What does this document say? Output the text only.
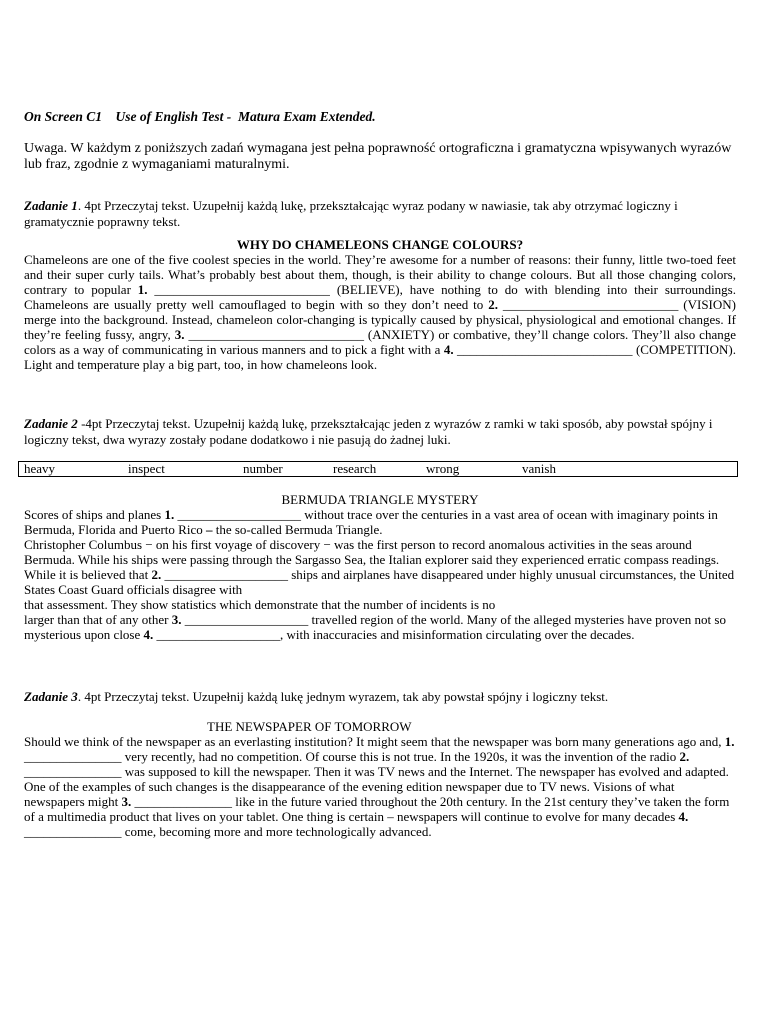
On Screen C1    Use of English Test -  Matura Exam Extended.
Uwaga. W każdym z poniższych zadań wymagana jest pełna poprawność ortograficzna i gramatyczna wpisywanych wyrazów lub fraz, zgodnie z wymaganiami maturalnymi.
Zadanie 1. 4pt Przeczytaj tekst. Uzupełnij każdą lukę, przekształcając wyraz podany w nawiasie, tak aby otrzymać logiczny i gramatycznie poprawny tekst.
WHY DO CHAMELEONS CHANGE COLOURS?
Chameleons are one of the five coolest species in the world. They’re awesome for a number of reasons: their funny, little two-toed feet and their super curly tails. What’s probably best about them, though, is their ability to change colours. But all those changing colors, contrary to popular 1. ___________________________ (BELIEVE), have nothing to do with blending into their surroundings. Chameleons are usually pretty well camouflaged to begin with so they don’t need to 2. ___________________________ (VISION) merge into the background. Instead, chameleon color-changing is typically caused by physical, physiological and emotional changes. If they’re feeling fussy, angry, 3. ___________________________ (ANXIETY) or combative, they’ll change colors. They’ll also change colors as a way of communicating in various manners and to pick a fight with a 4. ___________________________ (COMPETITION). Light and temperature play a big part, too, in how chameleons look.
Zadanie 2 -4pt Przeczytaj tekst. Uzupełnij każdą lukę, przekształcając jeden z wyrazów z ramki w taki sposób, aby powstał spójny i logiczny tekst, dwa wyrazy zostały podane dodatkowo i nie pasują do żadnej luki.
heavy	inspect	number	research	wrong	vanish
BERMUDA TRIANGLE MYSTERY
Scores of ships and planes 1. ___________________ without trace over the centuries in a vast area of ocean with imaginary points in Bermuda, Florida and Puerto Rico – the so-called Bermuda Triangle.
Christopher Columbus − on his first voyage of discovery − was the first person to record anomalous activities in the seas around Bermuda. While his ships were passing through the Sargasso Sea, the Italian explorer said they experienced erratic compass readings. While it is believed that 2. ___________________ ships and airplanes have disappeared under highly unusual circumstances, the United States Coast Guard officials disagree with
that assessment. They show statistics which demonstrate that the number of incidents is no
larger than that of any other 3. ___________________ travelled region of the world. Many of the alleged mysteries have proven not so mysterious upon close 4. ___________________, with inaccuracies and misinformation circulating over the decades.
Zadanie 3. 4pt Przeczytaj tekst. Uzupełnij każdą lukę jednym wyrazem, tak aby powstał spójny i logiczny tekst.
THE NEWSPAPER OF TOMORROW
Should we think of the newspaper as an everlasting institution? It might seem that the newspaper was born many generations ago and, 1. _______________ very recently, had no competition. Of course this is not true. In the 1920s, it was the invention of the radio 2. _______________ was supposed to kill the newspaper. Then it was TV news and the Internet. The newspaper has evolved and adapted. One of the examples of such changes is the disappearance of the evening edition newspaper due to TV news. Visions of what newspapers might 3. _______________ like in the future varied throughout the 20th century. In the 21st century they’ve taken the form of a multimedia product that lives on your tablet. One thing is certain – newspapers will continue to evolve for many decades 4. _______________ come, becoming more and more technologically advanced.
